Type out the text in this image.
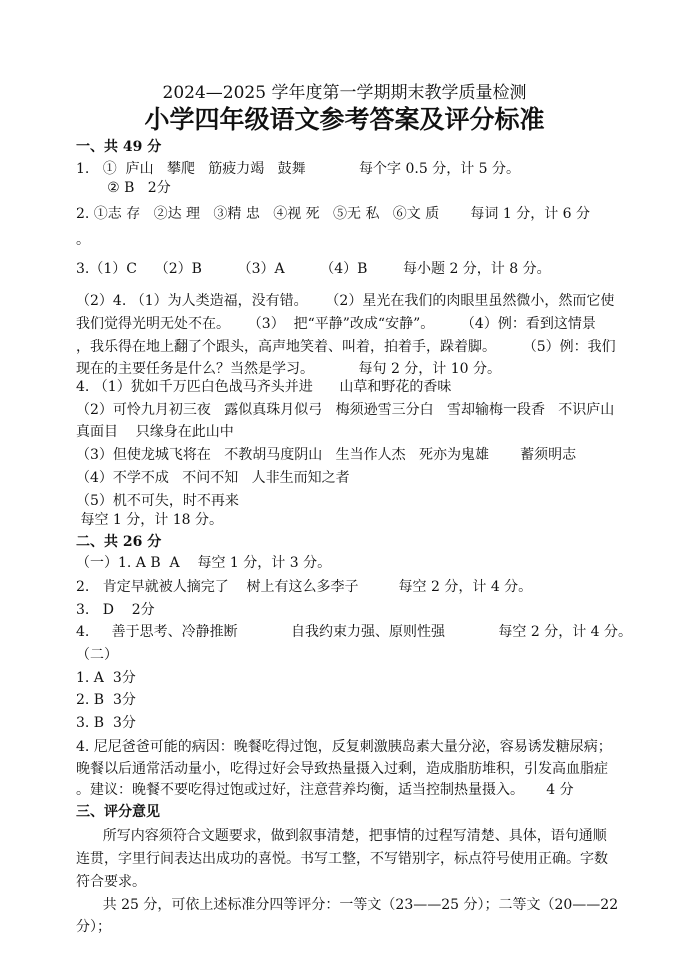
2024—2025 学年度第一学期期末教学质量检测
小学四年级语文参考答案及评分标准
一、共 49 分
1.   ①  庐山   攀爬   筋疲力竭   鼓舞            每个字 0.5 分，计 5 分。
② B   2分
2. ①志 存   ②达 理   ③精 忠   ④视 死   ⑤无 私   ⑥文 质       每词 1 分，计 6 分
。
3.（1）C    （2）B        （3）A        （4）B        每小题 2 分，计 8 分。
（2）4. （1）为人类造福，没有错。    （2）星光在我们的肉眼里虽然微小，然而它使
我们觉得光明无处不在。    （3）  把“平静”改成“安静”。      （4）例：看到这情景
，我乐得在地上翻了个跟头，高声地笑着、叫着，拍着手，跺着脚。      （5）例：我们
现在的主要任务是什么？当然是学习。          每句 2 分，计 10 分。
4. （1）犹如千万匹白色战马齐头并进      山草和野花的香味
（2）可怜九月初三夜   露似真珠月似弓   梅须逊雪三分白   雪却输梅一段香   不识庐山
真面目    只缘身在此山中
（3）但使龙城飞将在   不教胡马度阴山   生当作人杰   死亦为鬼雄       蓄须明志
（4）不学不成   不问不知   人非生而知之者
（5）机不可失，时不再来
每空 1 分，计 18 分。
二、共 26 分
（一）1. A B  A    每空 1 分，计 3 分。
2.   肯定早就被人摘完了    树上有这么多李子         每空 2 分，计 4 分。
3.   D    2分
4.     善于思考、冷静推断            自我约束力强、原则性强            每空 2 分，计 4 分。
（二）
1. A  3分
2. B  3分
3. B  3分
4. 尼尼爸爸可能的病因：晚餐吃得过饱，反复刺激胰岛素大量分泌，容易诱发糖尿病；
晚餐以后通常活动量小，吃得过好会导致热量摄入过剩，造成脂肪堆积，引发高血脂症
。建议：晚餐不要吃得过饱或过好，注意营养均衡，适当控制热量摄入。     4 分
三、评分意见
所写内容须符合文题要求，做到叙事清楚，把事情的过程写清楚、具体，语句通顺
连贯，字里行间表达出成功的喜悦。书写工整，不写错别字，标点符号使用正确。字数
符合要求。
共 25 分，可依上述标准分四等评分：一等文（23——25 分）；二等文（20——22
分）；
